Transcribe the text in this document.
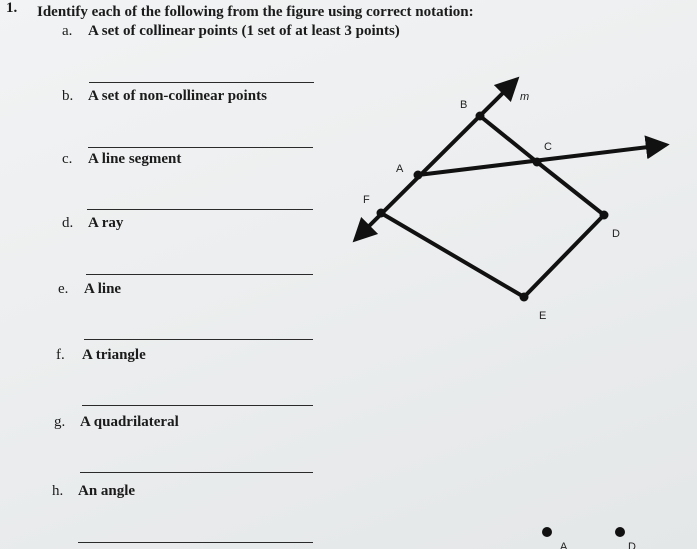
1.	Identify each of the following from the figure using correct notation:
a. A set of collinear points (1 set of at least 3 points)
b. A set of non-collinear points
c. A line segment
d. A ray
e. A line
f. A triangle
g. A quadrilateral
h. An angle
B
A
C
D
E
F
m
A	D
